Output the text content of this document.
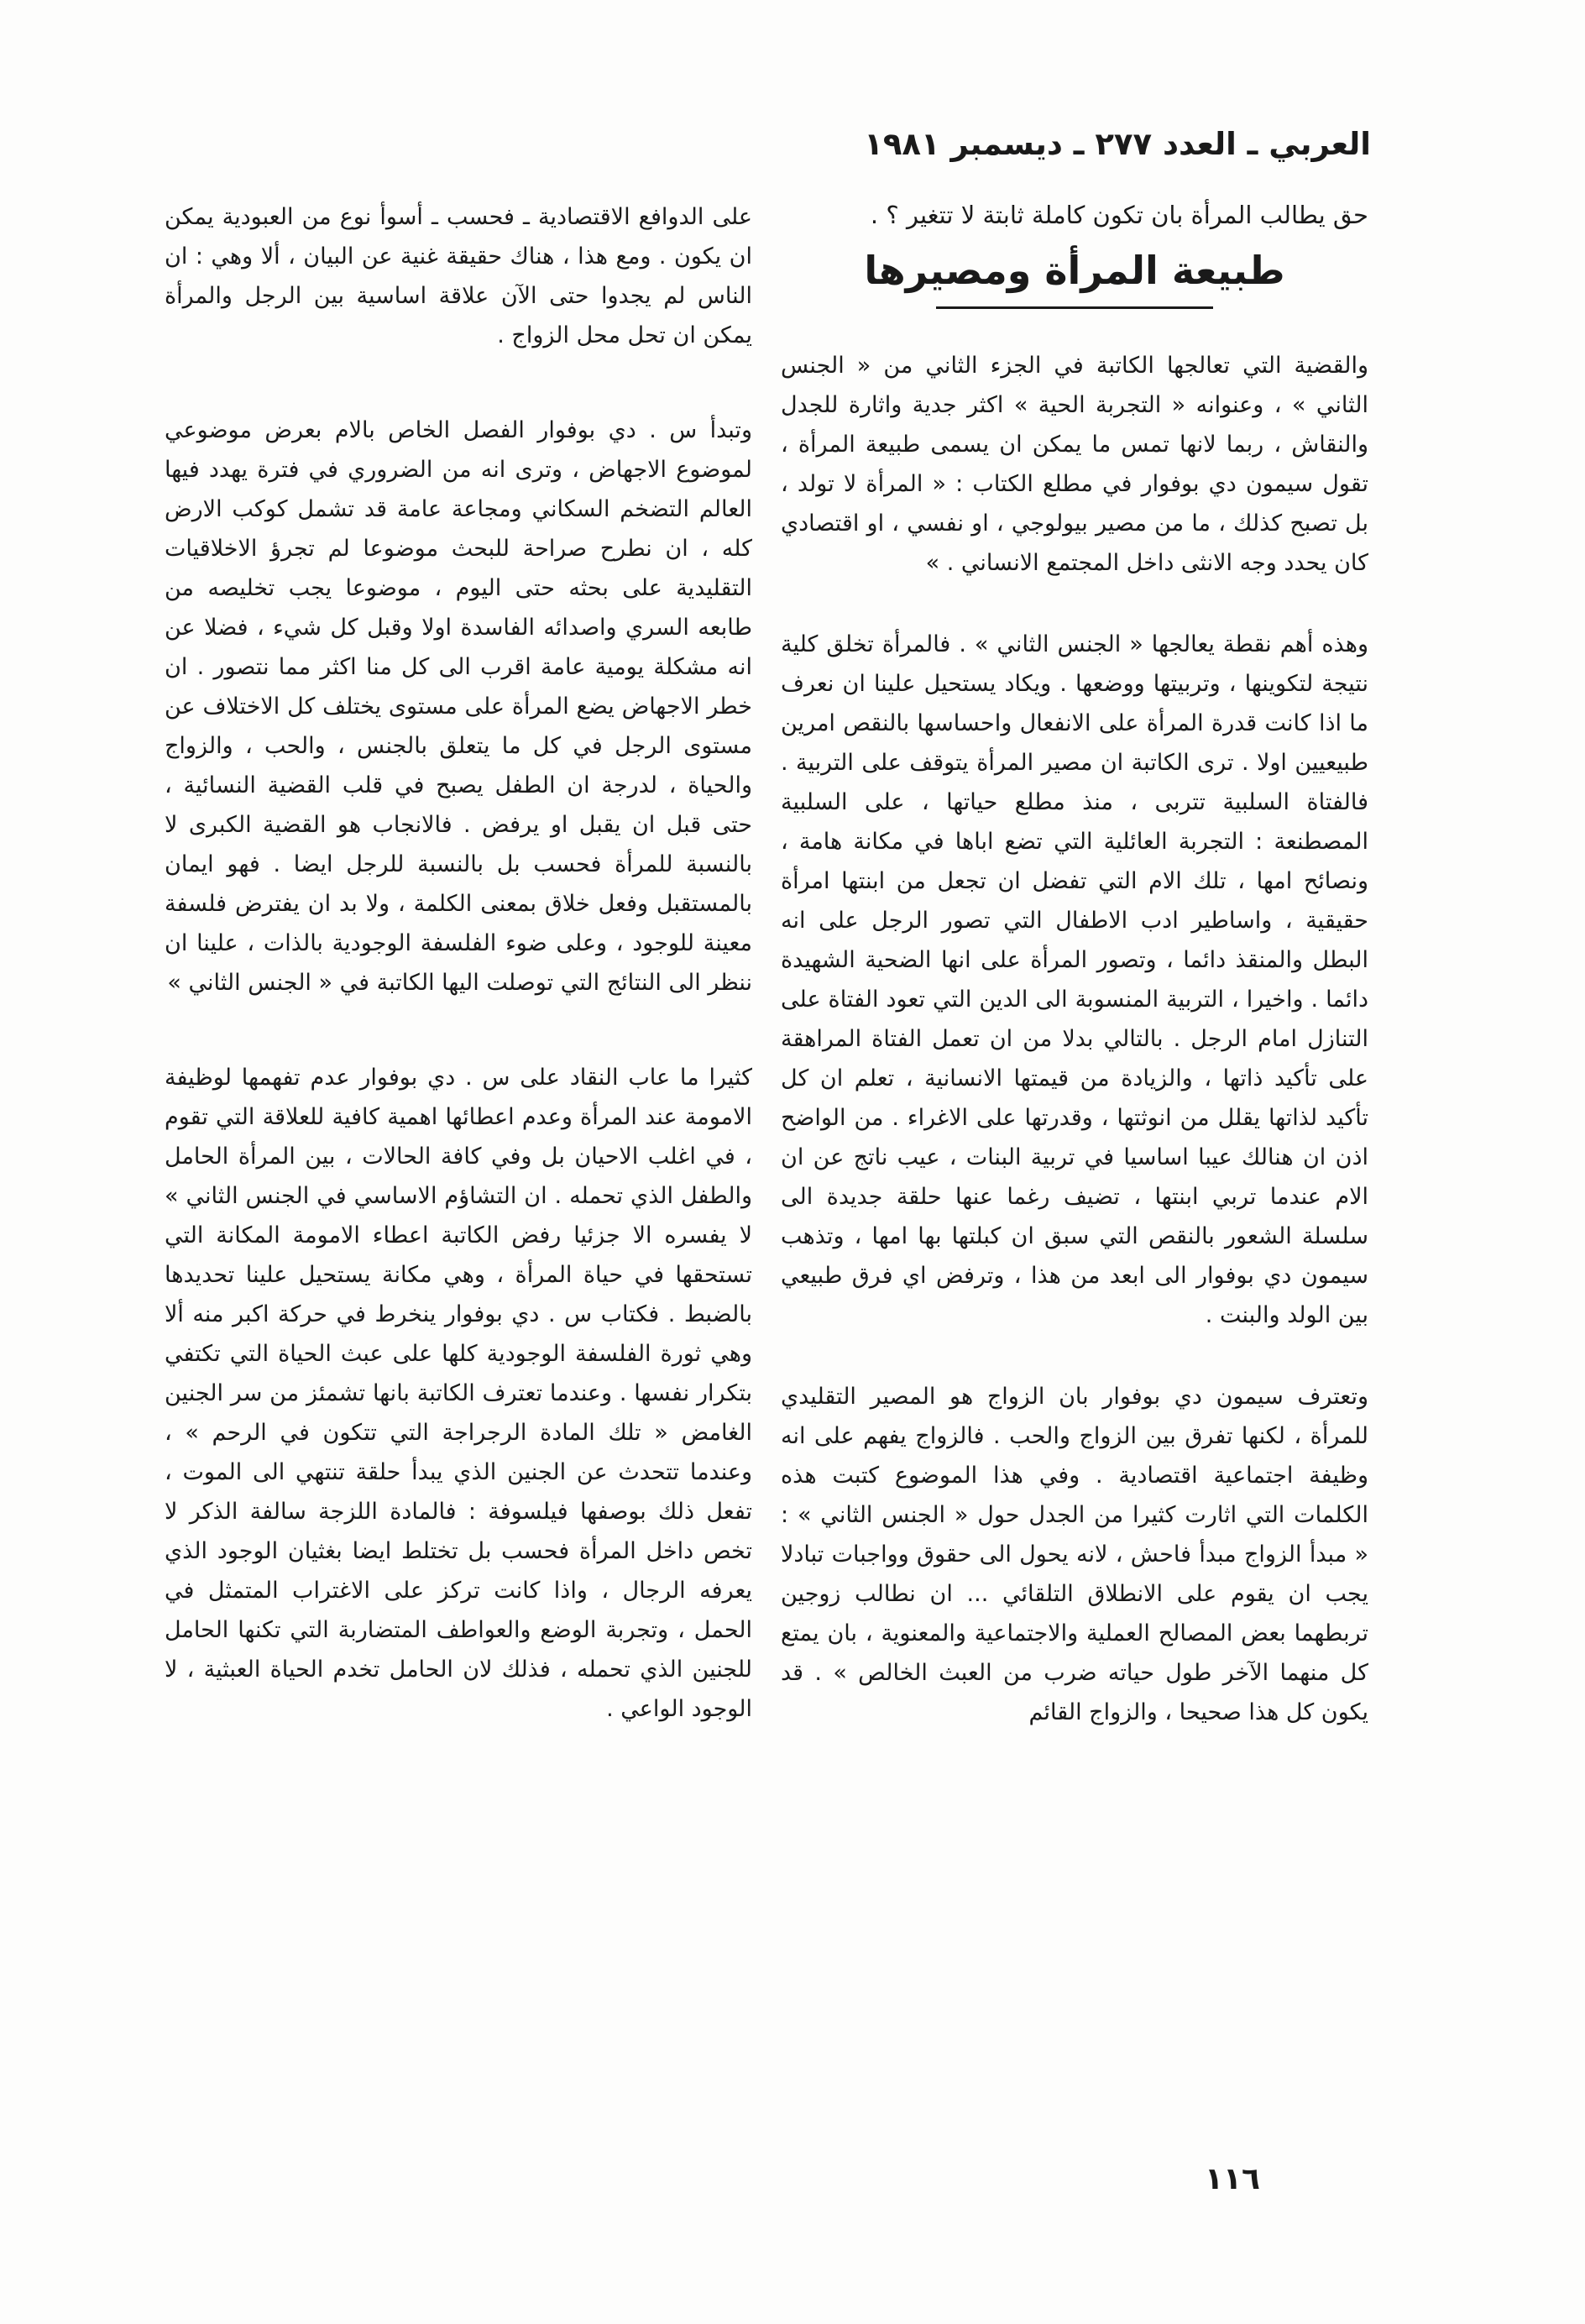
العربي ـ العدد ٢٧٧ ـ ديسمبر ١٩٨١
حق يطالب المرأة بان تكون كاملة ثابتة لا تتغير ؟ .
طبيعة المرأة ومصيرها

والقضية التي تعالجها الكاتبة في الجزء الثاني من « الجنس الثاني » ، وعنوانه « التجربة الحية » اكثر جدية واثارة للجدل والنقاش ، ربما لانها تمس ما يمكن ان يسمى طبيعة المرأة ، تقول سيمون دي بوفوار في مطلع الكتاب : « المرأة لا تولد ، بل تصبح كذلك ، ما من مصير بيولوجي ، او نفسي ، او اقتصادي كان يحدد وجه الانثى داخل المجتمع الانساني . »

وهذه أهم نقطة يعالجها « الجنس الثاني » . فالمرأة تخلق كلية نتيجة لتكوينها ، وتربيتها ووضعها . ويكاد يستحيل علينا ان نعرف ما اذا كانت قدرة المرأة على الانفعال واحساسها بالنقص امرين طبيعيين اولا . ترى الكاتبة ان مصير المرأة يتوقف على التربية . فالفتاة السلبية تتربى ، منذ مطلع حياتها ، على السلبية المصطنعة : التجربة العائلية التي تضع اباها في مكانة هامة ، ونصائح امها ، تلك الام التي تفضل ان تجعل من ابنتها امرأة حقيقية ، واساطير ادب الاطفال التي تصور الرجل على انه البطل والمنقذ دائما ، وتصور المرأة على انها الضحية الشهيدة دائما . واخيرا ، التربية المنسوبة الى الدين التي تعود الفتاة على التنازل امام الرجل . بالتالي بدلا من ان تعمل الفتاة المراهقة على تأكيد ذاتها ، والزيادة من قيمتها الانسانية ، تعلم ان كل تأكيد لذاتها يقلل من انوثتها ، وقدرتها على الاغراء . من الواضح اذن ان هنالك عيبا اساسيا في تربية البنات ، عيب ناتج عن ان الام عندما تربي ابنتها ، تضيف رغما عنها حلقة جديدة الى سلسلة الشعور بالنقص التي سبق ان كبلتها بها امها ، وتذهب سيمون دي بوفوار الى ابعد من هذا ، وترفض اي فرق طبيعي بين الولد والبنت .

وتعترف سيمون دي بوفوار بان الزواج هو المصير التقليدي للمرأة ، لكنها تفرق بين الزواج والحب . فالزواج يفهم على انه وظيفة اجتماعية اقتصادية . وفي هذا الموضوع كتبت هذه الكلمات التي اثارت كثيرا من الجدل حول « الجنس الثاني » : « مبدأ الزواج مبدأ فاحش ، لانه يحول الى حقوق وواجبات تبادلا يجب ان يقوم على الانطلاق التلقائي ... ان نطالب زوجين تربطهما بعض المصالح العملية والاجتماعية والمعنوية ، بان يمتع كل منهما الآخر طول حياته ضرب من العبث الخالص » . قد يكون كل هذا صحيحا ، والزواج القائم

على الدوافع الاقتصادية ـ فحسب ـ أسوأ نوع من العبودية يمكن ان يكون . ومع هذا ، هناك حقيقة غنية عن البيان ، ألا وهي : ان الناس لم يجدوا حتى الآن علاقة اساسية بين الرجل والمرأة يمكن ان تحل محل الزواج .

وتبدأ س . دي بوفوار الفصل الخاص بالام بعرض موضوعي لموضوع الاجهاض ، وترى انه من الضروري في فترة يهدد فيها العالم التضخم السكاني ومجاعة عامة قد تشمل كوكب الارض كله ، ان نطرح صراحة للبحث موضوعا لم تجرؤ الاخلاقيات التقليدية على بحثه حتى اليوم ، موضوعا يجب تخليصه من طابعه السري واصدائه الفاسدة اولا وقبل كل شيء ، فضلا عن انه مشكلة يومية عامة اقرب الى كل منا اكثر مما نتصور . ان خطر الاجهاض يضع المرأة على مستوى يختلف كل الاختلاف عن مستوى الرجل في كل ما يتعلق بالجنس ، والحب ، والزواج والحياة ، لدرجة ان الطفل يصبح في قلب القضية النسائية ، حتى قبل ان يقبل او يرفض . فالانجاب هو القضية الكبرى لا بالنسبة للمرأة فحسب بل بالنسبة للرجل ايضا . فهو ايمان بالمستقبل وفعل خلاق بمعنى الكلمة ، ولا بد ان يفترض فلسفة معينة للوجود ، وعلى ضوء الفلسفة الوجودية بالذات ، علينا ان ننظر الى النتائج التي توصلت اليها الكاتبة في « الجنس الثاني »

كثيرا ما عاب النقاد على س . دي بوفوار عدم تفهمها لوظيفة الامومة عند المرأة وعدم اعطائها اهمية كافية للعلاقة التي تقوم ، في اغلب الاحيان بل وفي كافة الحالات ، بين المرأة الحامل والطفل الذي تحمله . ان التشاؤم الاساسي في الجنس الثاني » لا يفسره الا جزئيا رفض الكاتبة اعطاء الامومة المكانة التي تستحقها في حياة المرأة ، وهي مكانة يستحيل علينا تحديدها بالضبط . فكتاب س . دي بوفوار ينخرط في حركة اكبر منه ألا وهي ثورة الفلسفة الوجودية كلها على عبث الحياة التي تكتفي بتكرار نفسها . وعندما تعترف الكاتبة بانها تشمئز من سر الجنين الغامض « تلك المادة الرجراجة التي تتكون في الرحم » ، وعندما تتحدث عن الجنين الذي يبدأ حلقة تنتهي الى الموت ، تفعل ذلك بوصفها فيلسوفة : فالمادة اللزجة سالفة الذكر لا تخص داخل المرأة فحسب بل تختلط ايضا بغثيان الوجود الذي يعرفه الرجال ، واذا كانت تركز على الاغتراب المتمثل في الحمل ، وتجربة الوضع والعواطف المتضاربة التي تكنها الحامل للجنين الذي تحمله ، فذلك لان الحامل تخدم الحياة العبثية ، لا الوجود الواعي .

١١٦
